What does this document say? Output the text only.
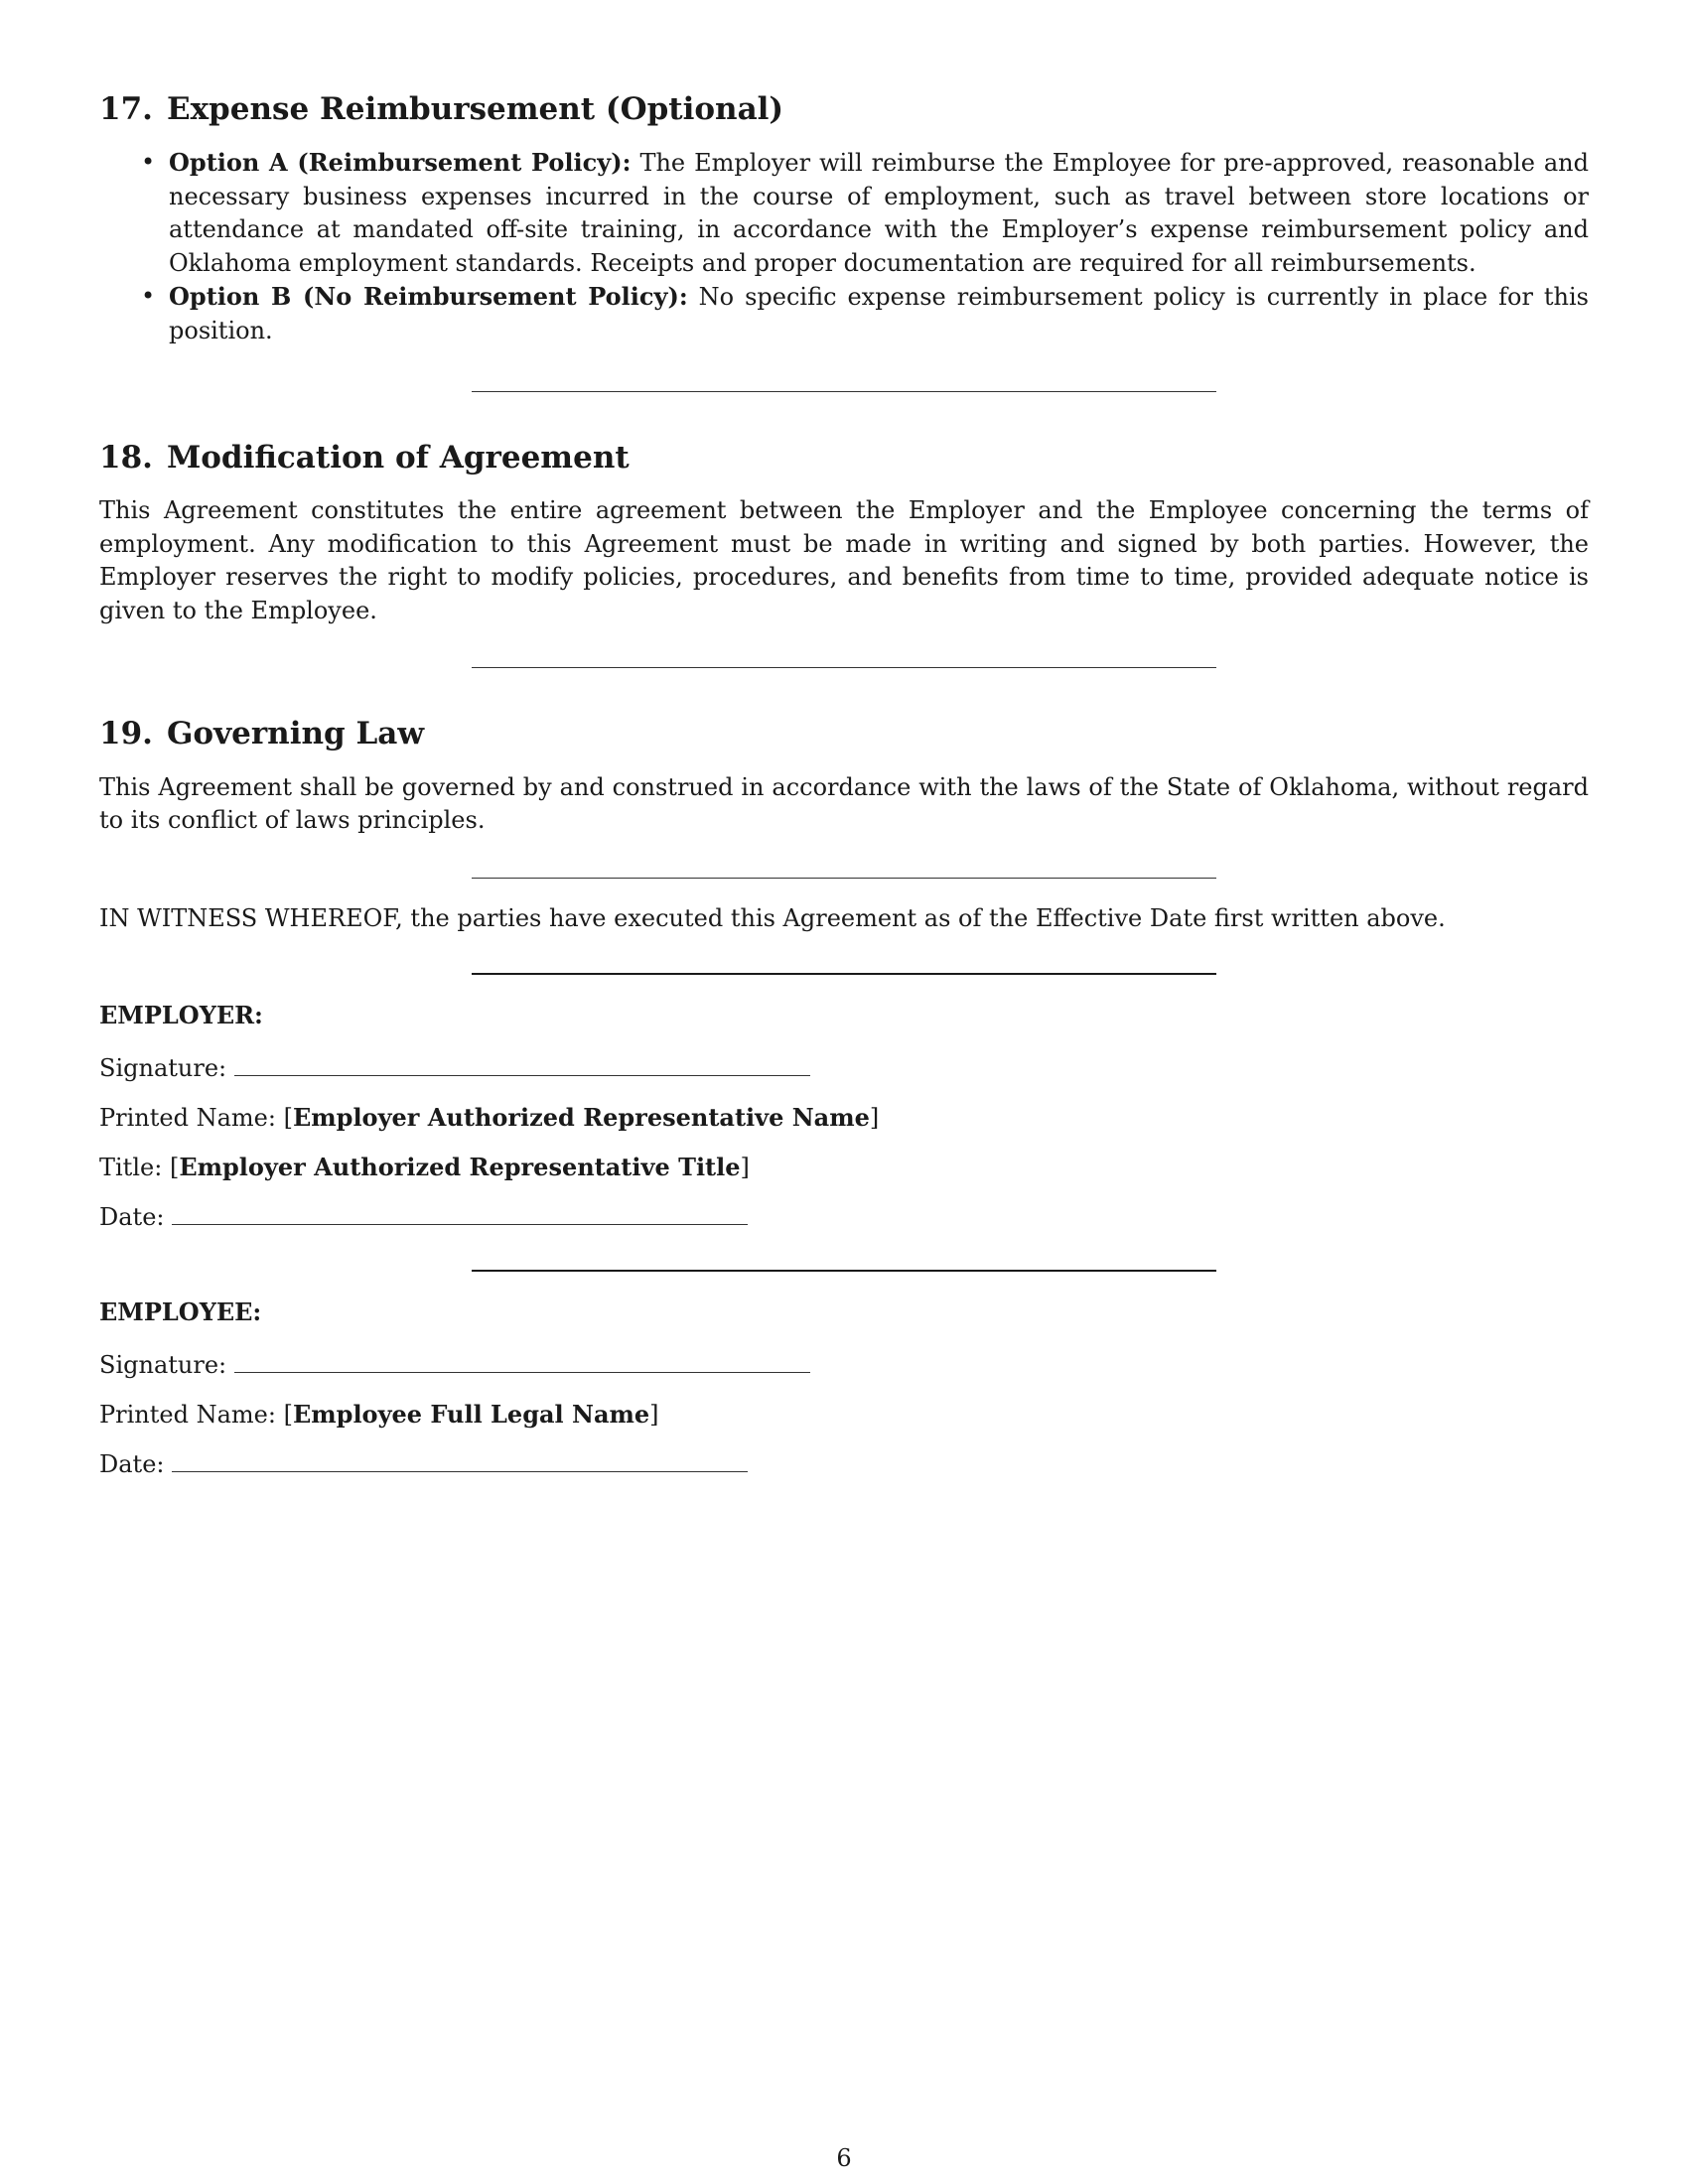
17. Expense Reimbursement (Optional)
• Option A (Reimbursement Policy): The Employer will reimburse the Employee for pre-approved, reasonable and necessary business expenses incurred in the course of employment, such as travel between store locations or attendance at mandated off-site training, in accordance with the Employer’s expense reimbursement policy and Oklahoma employment standards. Receipts and proper documentation are required for all reimbursements.
• Option B (No Reimbursement Policy): No specific expense reimbursement policy is currently in place for this position.
18. Modification of Agreement

This Agreement constitutes the entire agreement between the Employer and the Employee concerning the terms of employment. Any modification to this Agreement must be made in writing and signed by both parties. However, the Employer reserves the right to modify policies, procedures, and benefits from time to time, provided adequate notice is given to the Employee.

19. Governing Law

This Agreement shall be governed by and construed in accordance with the laws of the State of Oklahoma, without regard to its conflict of laws principles.

IN WITNESS WHEREOF, the parties have executed this Agreement as of the Effective Date first written above.

EMPLOYER:
Signature:
Printed Name: [Employer Authorized Representative Name]
Title: [Employer Authorized Representative Title]
Date:
EMPLOYEE:
Signature:
Printed Name: [Employee Full Legal Name]
Date:
6
